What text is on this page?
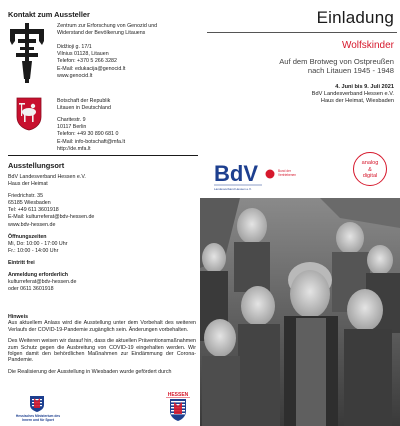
Kontakt zum Aussteller
Zentrum zur Erforschung von Genozid und
Widerstand der Bevölkerung Litauens
Didžioji g. 17/1
Vilnius 01128, Litauen
Telefon: +370 5 266 3282
E-Mail: edukacija@genocid.lt
www.genocid.lt
Botschaft der Republik
Litauen in Deutschland
Charitestr. 9
10117 Berlin
Telefon: +49 30 890 681 0
E-Mail: info-botschaft@mfa.lt
http://de.mfa.lt
Ausstellungsort
BdV Landesverband Hessen e.V.
Haus der Heimat
Friedrichstr. 35
65185 Wiesbaden
Tel: +49 611 3601918
E-Mail: kulturreferat@bdv-hessen.de
www.bdv-hessen.de
Öffnungszeiten
Mi, Do: 10:00 - 17:00 Uhr
Fr.: 10:00 - 14:00 Uhr
Eintritt frei
Anmeldung erforderlich
kulturreferat@bdv-hessen.de
oder 0611 3601918
Hinweis
Aus aktuellem Anlass wird die Ausstellung unter dem Vorbehalt des weiteren Verlaufs der COVID-19-Pandemie zugänglich sein. Änderungen vorbehalten.
Des Weiteren weisen wir darauf hin, dass die aktuellen Präventionsmaßnahmen zum Schutz gegen die Ausbreitung von COVID-19 eingehalten werden. Wir folgen damit den behördlichen Maßnahmen zur Eindämmung der Corona-Pandemie.
Die Realisierung der Ausstellung in Wiesbaden wurde gefördert durch
Hessisches Ministerium des
Innern und für Sport
HESSEN
Einladung
Wolfskinder
Auf dem Brotweg von Ostpreußen
nach Litauen 1945 - 1948
4. Juni bis 9. Juli 2021
BdV Landesverband Hessen e.V.
Haus der Heimat, Wiesbaden
BdV	Bund der
Vertriebenen
Landesverband Hessen e.V.
analog
&
digital
